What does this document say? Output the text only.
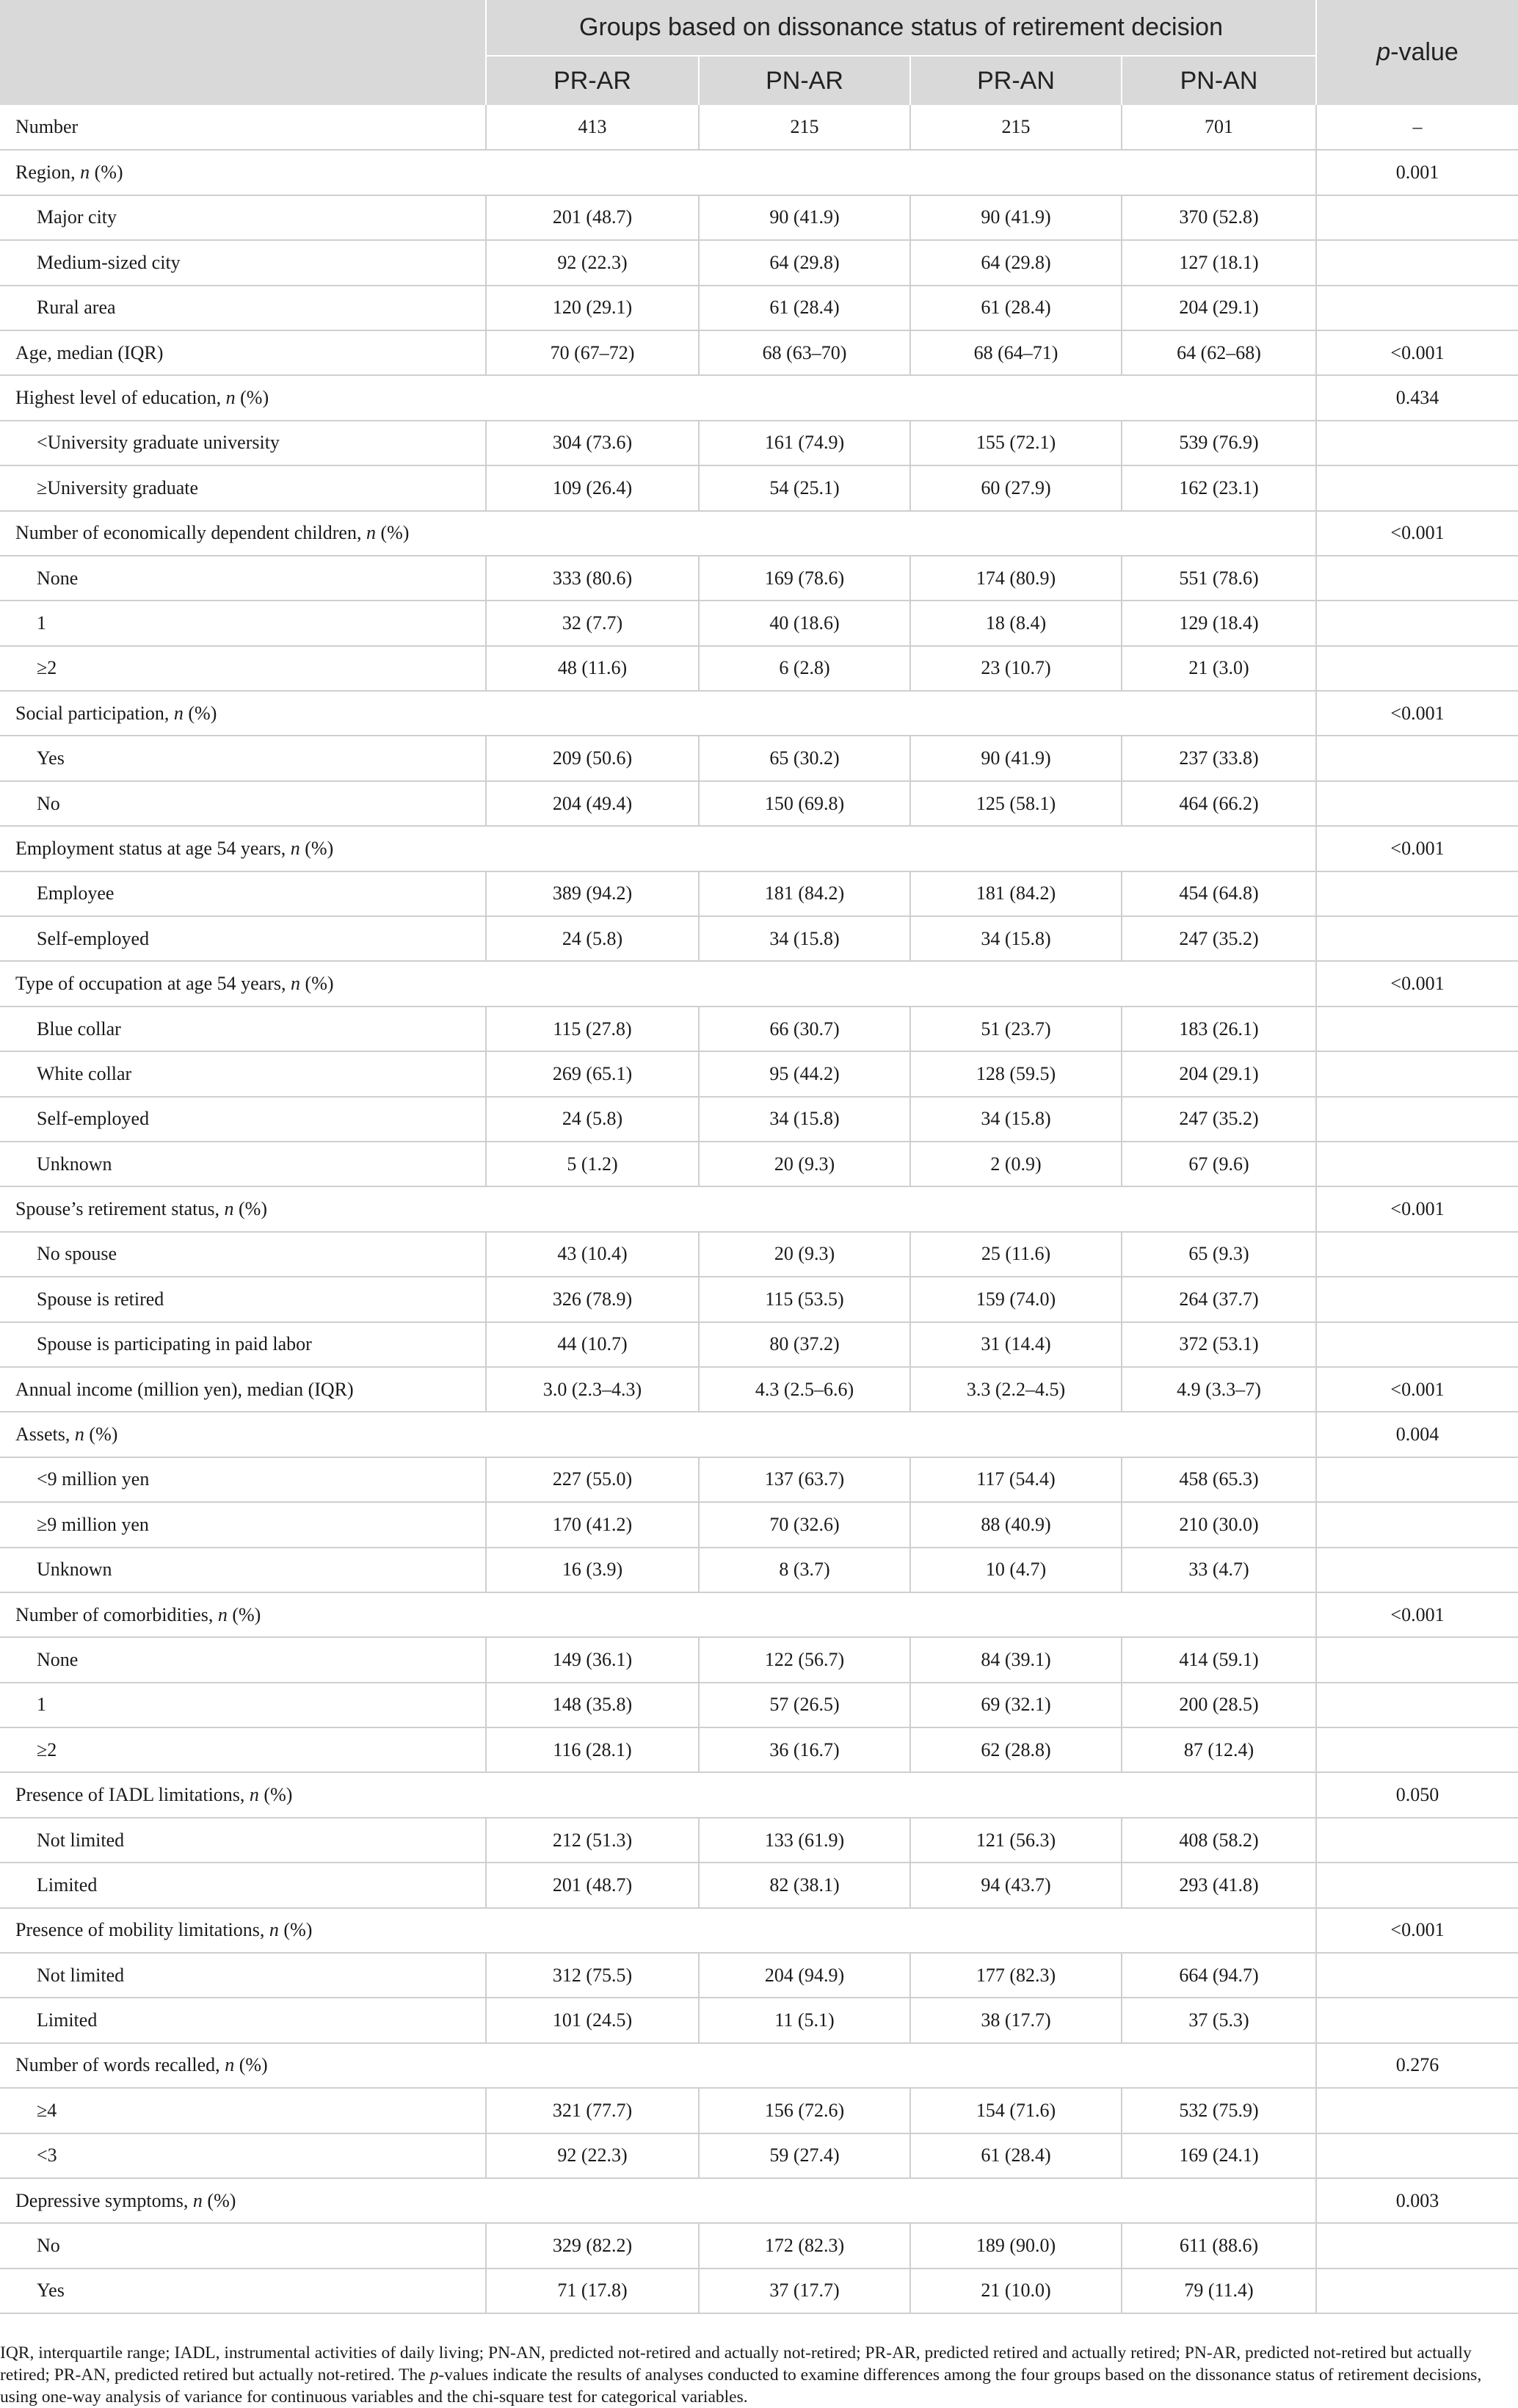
	Groups based on dissonance status of retirement decision				p-value
	PR-AR	PN-AR	PR-AN	PN-AN	
Number	413	215	215	701	–
Region, n (%)					0.001
Major city	201 (48.7)	90 (41.9)	90 (41.9)	370 (52.8)	
Medium-sized city	92 (22.3)	64 (29.8)	64 (29.8)	127 (18.1)	
Rural area	120 (29.1)	61 (28.4)	61 (28.4)	204 (29.1)	
Age, median (IQR)	70 (67–72)	68 (63–70)	68 (64–71)	64 (62–68)	<0.001
Highest level of education, n (%)					0.434
<University graduate university	304 (73.6)	161 (74.9)	155 (72.1)	539 (76.9)	
≥University graduate	109 (26.4)	54 (25.1)	60 (27.9)	162 (23.1)	
Number of economically dependent children, n (%)					<0.001
None	333 (80.6)	169 (78.6)	174 (80.9)	551 (78.6)	
1	32 (7.7)	40 (18.6)	18 (8.4)	129 (18.4)	
≥2	48 (11.6)	6 (2.8)	23 (10.7)	21 (3.0)	
Social participation, n (%)					<0.001
Yes	209 (50.6)	65 (30.2)	90 (41.9)	237 (33.8)	
No	204 (49.4)	150 (69.8)	125 (58.1)	464 (66.2)	
Employment status at age 54 years, n (%)					<0.001
Employee	389 (94.2)	181 (84.2)	181 (84.2)	454 (64.8)	
Self-employed	24 (5.8)	34 (15.8)	34 (15.8)	247 (35.2)	
Type of occupation at age 54 years, n (%)					<0.001
Blue collar	115 (27.8)	66 (30.7)	51 (23.7)	183 (26.1)	
White collar	269 (65.1)	95 (44.2)	128 (59.5)	204 (29.1)	
Self-employed	24 (5.8)	34 (15.8)	34 (15.8)	247 (35.2)	
Unknown	5 (1.2)	20 (9.3)	2 (0.9)	67 (9.6)	
Spouse’s retirement status, n (%)					<0.001
No spouse	43 (10.4)	20 (9.3)	25 (11.6)	65 (9.3)	
Spouse is retired	326 (78.9)	115 (53.5)	159 (74.0)	264 (37.7)	
Spouse is participating in paid labor	44 (10.7)	80 (37.2)	31 (14.4)	372 (53.1)	
Annual income (million yen), median (IQR)	3.0 (2.3–4.3)	4.3 (2.5–6.6)	3.3 (2.2–4.5)	4.9 (3.3–7)	<0.001
Assets, n (%)					0.004
<9 million yen	227 (55.0)	137 (63.7)	117 (54.4)	458 (65.3)	
≥9 million yen	170 (41.2)	70 (32.6)	88 (40.9)	210 (30.0)	
Unknown	16 (3.9)	8 (3.7)	10 (4.7)	33 (4.7)	
Number of comorbidities, n (%)					<0.001
None	149 (36.1)	122 (56.7)	84 (39.1)	414 (59.1)	
1	148 (35.8)	57 (26.5)	69 (32.1)	200 (28.5)	
≥2	116 (28.1)	36 (16.7)	62 (28.8)	87 (12.4)	
Presence of IADL limitations, n (%)					0.050
Not limited	212 (51.3)	133 (61.9)	121 (56.3)	408 (58.2)	
Limited	201 (48.7)	82 (38.1)	94 (43.7)	293 (41.8)	
Presence of mobility limitations, n (%)					<0.001
Not limited	312 (75.5)	204 (94.9)	177 (82.3)	664 (94.7)	
Limited	101 (24.5)	11 (5.1)	38 (17.7)	37 (5.3)	
Number of words recalled, n (%)					0.276
≥4	321 (77.7)	156 (72.6)	154 (71.6)	532 (75.9)	
<3	92 (22.3)	59 (27.4)	61 (28.4)	169 (24.1)	
Depressive symptoms, n (%)					0.003
No	329 (82.2)	172 (82.3)	189 (90.0)	611 (88.6)	
Yes	71 (17.8)	37 (17.7)	21 (10.0)	79 (11.4)	
IQR, interquartile range; IADL, instrumental activities of daily living; PN-AN, predicted not-retired and actually not-retired; PR-AR, predicted retired and actually retired; PN-AR, predicted not-retired but actually retired; PR-AN, predicted retired but actually not-retired. The p-values indicate the results of analyses conducted to examine differences among the four groups based on the dissonance status of retirement decisions, using one-way analysis of variance for continuous variables and the chi-square test for categorical variables.
